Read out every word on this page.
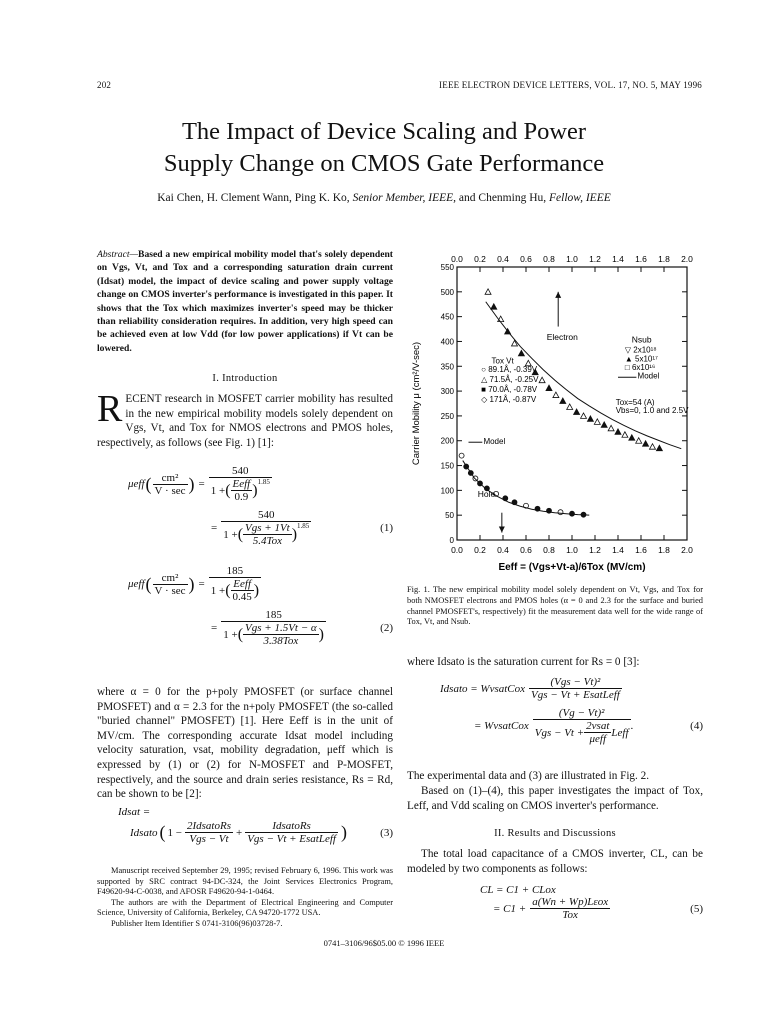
202	IEEE ELECTRON DEVICE LETTERS, VOL. 17, NO. 5, MAY 1996
The Impact of Device Scaling and Power
Supply Change on CMOS Gate Performance
Kai Chen, H. Clement Wann, Ping K. Ko, Senior Member, IEEE, and Chenming Hu, Fellow, IEEE
Abstract—Based a new empirical mobility model that's solely dependent on Vgs, Vt, and Tox and a corresponding saturation drain current (Idsat) model, the impact of device scaling and power supply voltage change on CMOS inverter's performance is investigated in this paper. It shows that the Tox which maximizes inverter's speed may be thicker than reliability consideration requires. In addition, very high speed can be achieved even at low Vdd (for low power applications) if Vt can be lowered.
I. Introduction
RECENT research in MOSFET carrier mobility has resulted in the new empirical mobility models solely dependent on Vgs, Vt, and Tox for NMOS electrons and PMOS holes, respectively, as follows (see Fig. 1) [1]:
μeff ( $\frac{\text{cm²}}{V \cdot \sec}$ ) = $\frac{540}{1 + ( \frac{\text{Eeff}}{0.9} )^{1.85}}$
= $\frac{540}{1 + ( \frac{\text{Vgs + 1Vt}}{\text{5.4Tox}} )^{1.85}}$	(1)
μeff ( $\frac{\text{cm²}}{V \cdot \sec}$ ) = $\frac{185}{1 + ( \frac{\text{Eeff}}{0.45} )}$
= $\frac{185}{1 + ( \frac{\text{Vgs + 1.5Vt − α}}{\text{3.38Tox}} )}$	(2)
where α = 0 for the p+poly PMOSFET (or surface channel PMOSFET) and α = 2.3 for the n+poly PMOSFET (the so-called "buried channel" PMOSFET) [1]. Here Eeff is in the unit of MV/cm. The corresponding accurate Idsat model including velocity saturation, vsat, mobility degradation, μeff which is expressed by (1) or (2) for N-MOSFET and P-MOSFET, respectively, and the source and drain series resistance, Rs = Rd, can be shown to be [2]:
Idsat =
Idsato ( $1 - \frac{\text{2IdsatoRs}}{\text{Vgs − Vt}} + \frac{\text{IdsatoRs}}{\text{Vgs − Vt + EsatLeff}}$ )	(3)
Manuscript received September 29, 1995; revised February 6, 1996. This work was supported by SRC contract 94-DC-324, the Joint Services Electronics Program, F49620-94-C-0038, and AFOSR F49620-94-1-0464.
The authors are with the Department of Electrical Engineering and Computer Science, University of California, Berkeley, CA 94720-1772 USA.
Publisher Item Identifier S 0741-3106(96)03728-7.
0.0
0.0
0.2
0.2
0.4
0.4
0.6
0.6
0.8
0.8
1.0
1.0
1.2
1.2
1.4
1.4
1.6
1.6
1.8
1.8
2.0
2.0
0
50
100
150
200
250
300
350
400
450
500
550
Eeff = (Vgs+Vt-a)/6Tox (MV/cm)
Carrier Mobility μ (cm²/V-sec)
Electron
Hole
Model
Tox Vt
○ 89.1Å, -0.39V
△ 71.5Å, -0.25V
■ 70.0Å, -0.78V
◇ 171Å, -0.87V
Nsub
▽ 2x10¹⁸
▲ 5x10¹⁷
□ 6x10¹⁶
Model
Tox=54 (A)
Vbs=0, 1.0 and 2.5V
Fig. 1. The new empirical mobility model solely dependent on Vt, Vgs, and Tox for both NMOSFET electrons and PMOS holes (α = 0 and 2.3 for the surface and buried channel PMOSFET's, respectively) fit the measurement data well for the wide range of Tox, Vt, and Nsub.
where Idsato is the saturation current for Rs = 0 [3]:
Idsato = WvsatCox $\frac{\text{(Vgs − Vt)²}}{\text{Vgs − Vt + EsatLeff}}$
= WvsatCox $\frac{\text{(Vg − Vt)²}}{Vgs - Vt + \frac{\text{2vsat}}{\text{μeff}} Leff}$ .	(4)
The experimental data and (3) are illustrated in Fig. 2.
Based on (1)–(4), this paper investigates the impact of Tox, Leff, and Vdd scaling on CMOS inverter's performance.
II. Results and Discussions
The total load capacitance of a CMOS inverter, CL, can be modeled by two components as follows:
CL = C1 + CLox
= $C1 + \frac{\text{a(Wn + Wp)Lεox}}{\text{Tox}}$	(5)
0741–3106/96$05.00 © 1996 IEEE
